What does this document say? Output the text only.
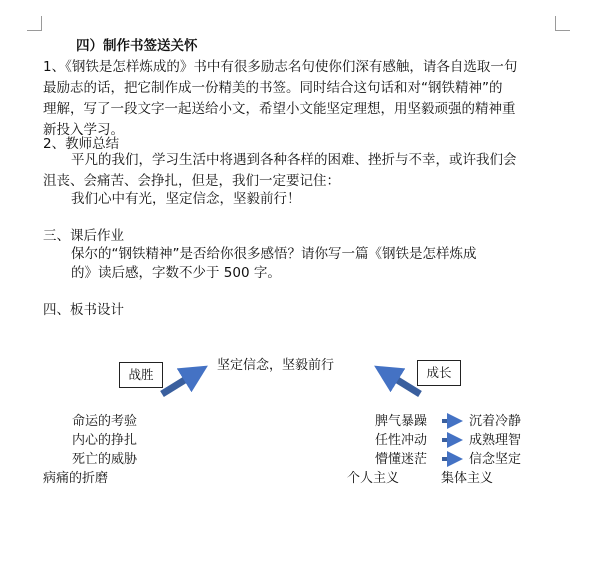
四）制作书签送关怀
1、《钢铁是怎样炼成的》书中有很多励志名句使你们深有感触，请各自选取一句
最励志的话，把它制作成一份精美的书签。同时结合这句话和对“钢铁精神”的
理解，写了一段文字一起送给小文，希望小文能坚定理想，用坚毅顽强的精神重
新投入学习。
2、教师总结
平凡的我们，学习生活中将遇到各种各样的困难、挫折与不幸，或许我们会
沮丧、会痛苦、会挣扎，但是，我们一定要记住：
我们心中有光，坚定信念，坚毅前行！
三、课后作业
保尔的“钢铁精神”是否给你很多感悟？请你写一篇《钢铁是怎样炼成
的》读后感，字数不少于 500 字。
四、板书设计
战胜	成长
坚定信念，坚毅前行
命运的考验
内心的挣扎
死亡的威胁
病痛的折磨
脾气暴躁
任性冲动
懵懂迷茫
沉着冷静
成熟理智
信念坚定
个人主义	集体主义
